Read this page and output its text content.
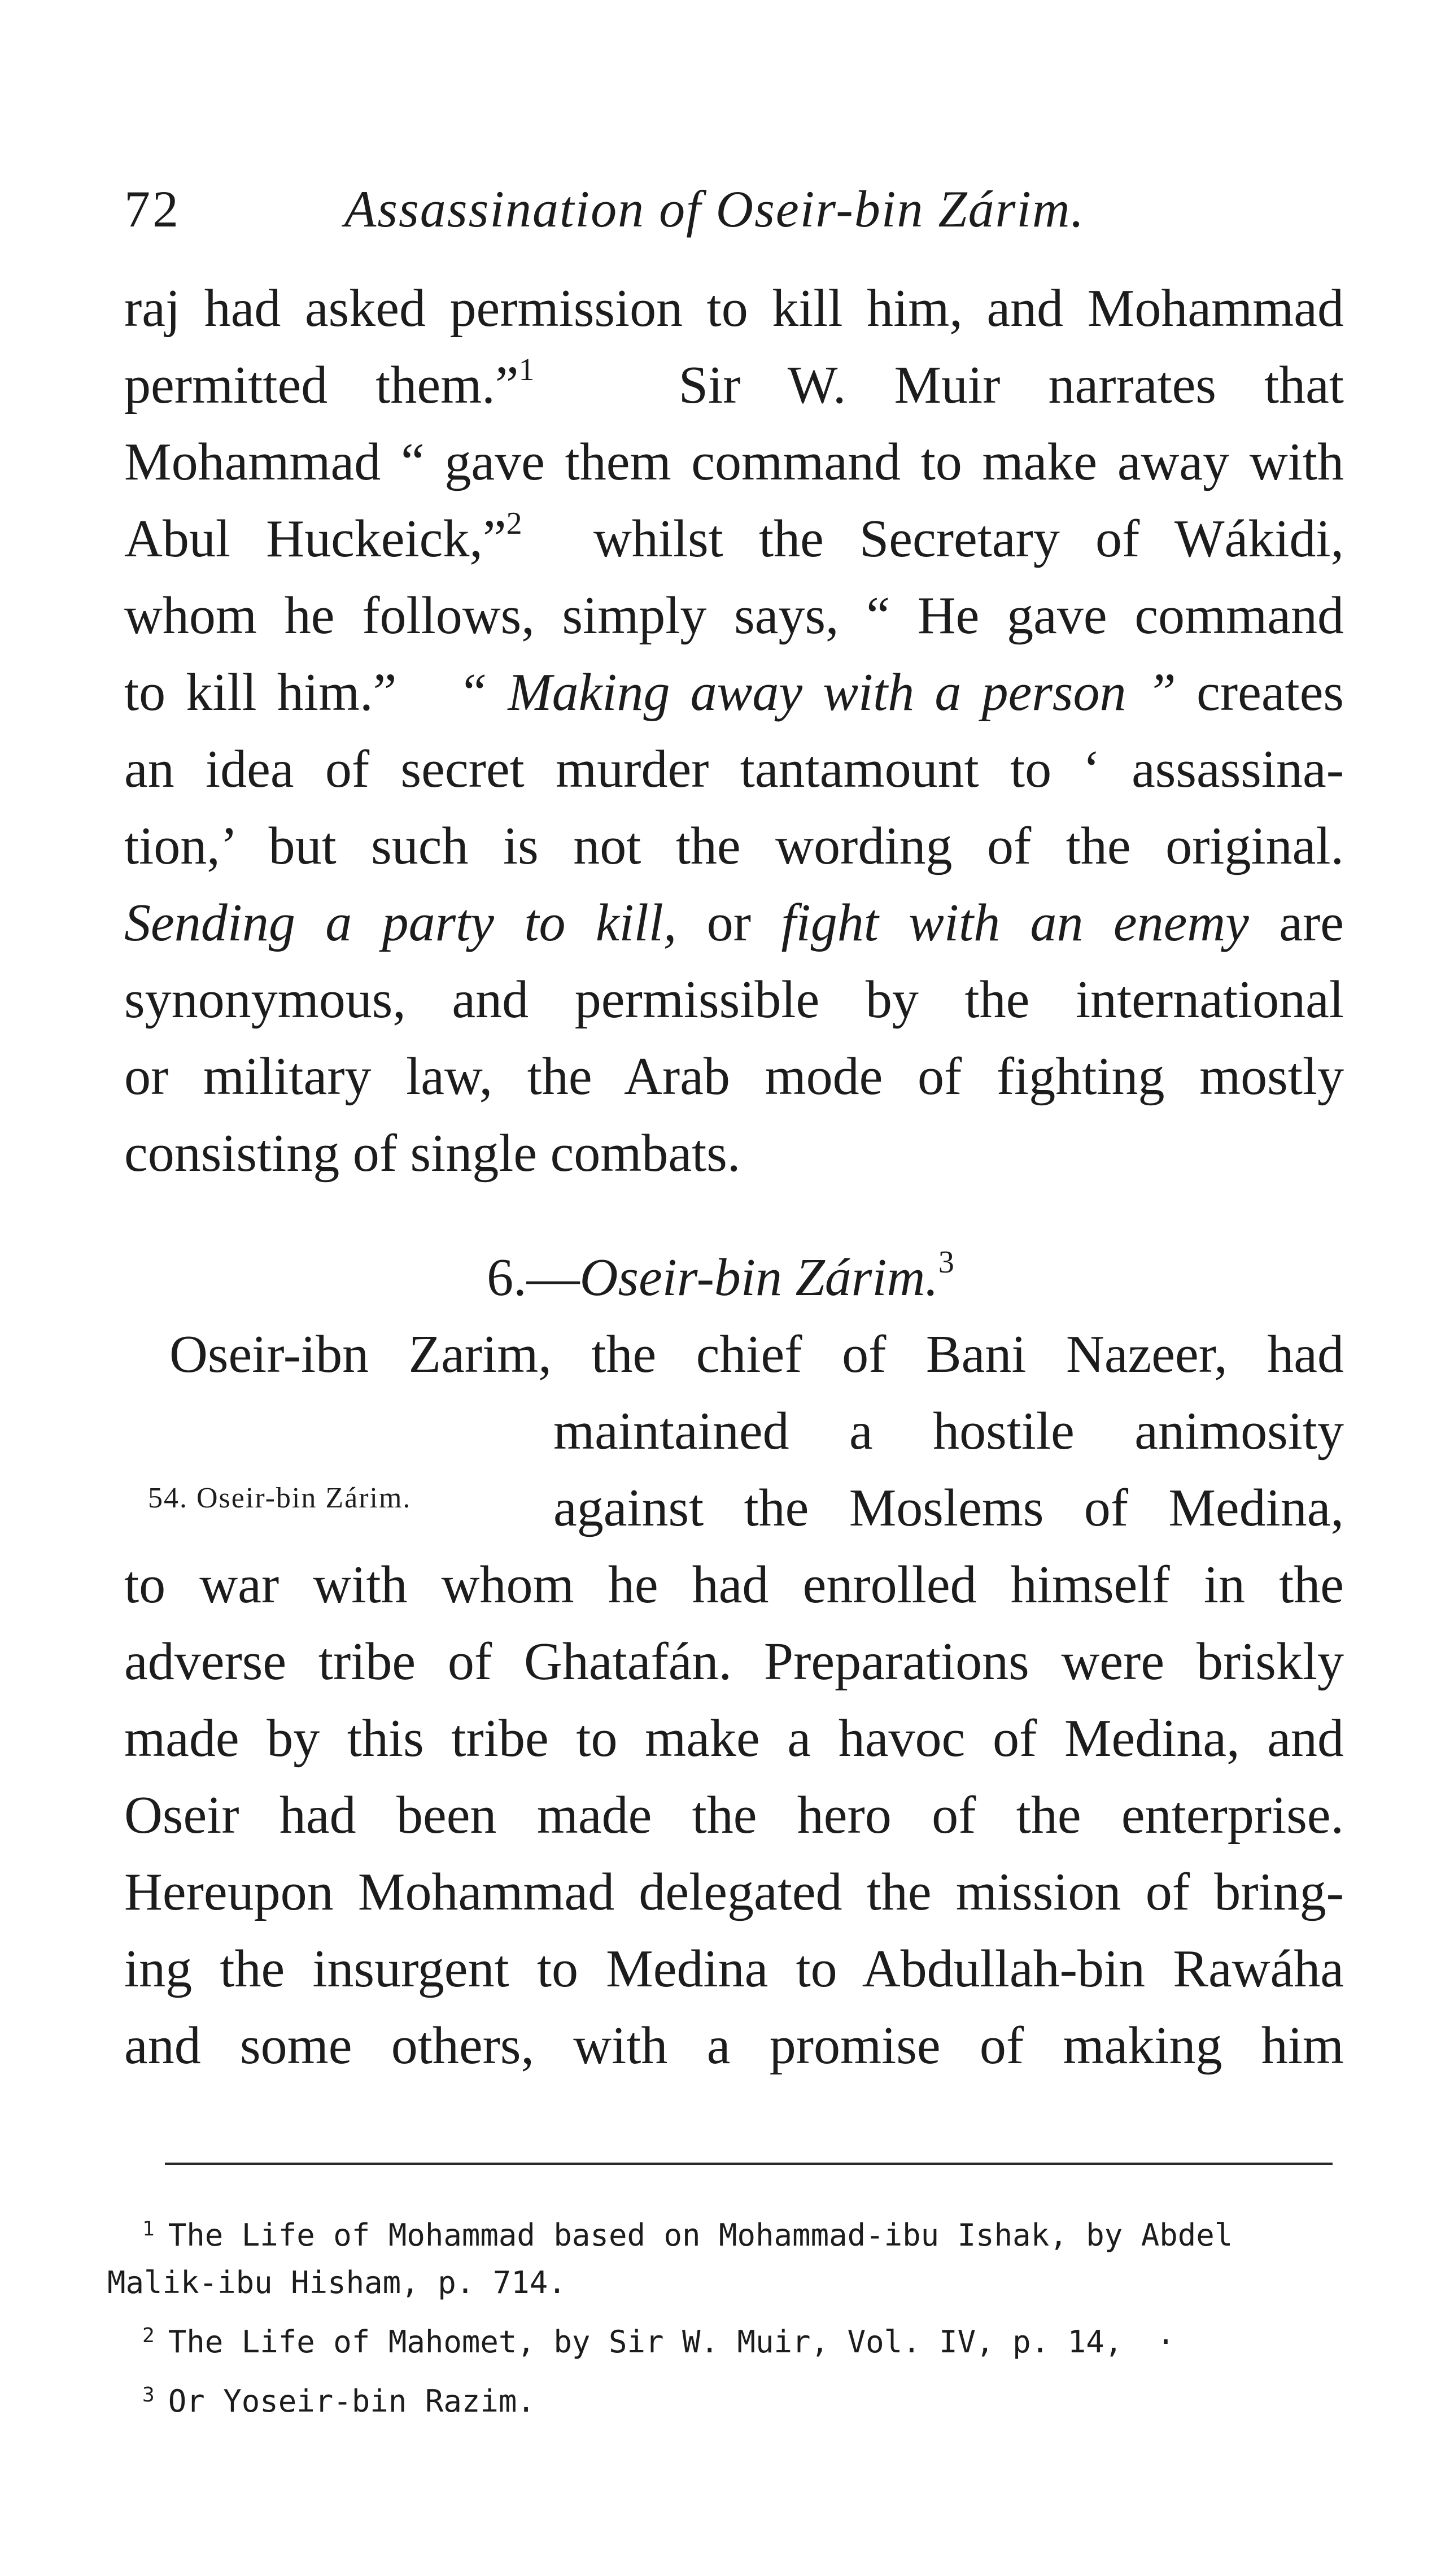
72	Assassination of Oseir-bin Zárim.
raj had asked permission to kill him, and Mohammad
permitted them.”$^1$	Sir W. Muir narrates that
Mohammad “ gave them command to make away with
Abul Huckeick,”$^2$ whilst the Secretary of Wákidi,
whom he follows, simply says, “ He gave command
to kill him.” “ Making away with a person ” creates
an idea of secret murder tantamount to ‘ assassina-
tion,’ but such is not the wording of the original.
Sending a party to kill, or fight with an enemy are
synonymous, and permissible by the international
or military law, the Arab mode of fighting mostly
consisting of single combats.
6.—Oseir-bin Zárim.$^3$
Oseir-ibn Zarim, the chief of Bani Nazeer, had
maintained a hostile animosity
against the Moslems of Medina,
to war with whom he had enrolled himself in the
adverse tribe of Ghatafán. Preparations were briskly
made by this tribe to make a havoc of Medina, and
Oseir had been made the hero of the enterprise.
Hereupon Mohammad delegated the mission of bring-
ing the insurgent to Medina to Abdullah-bin Rawáha
and some others, with a promise of making him
54. Oseir-bin Zárim.
$^1$ The Life of Mohammad based on Mohammad-ibu Ishak, by Abdel
Malik-ibu Hisham, p. 714.
$^2$ The Life of Mahomet, by Sir W. Muir, Vol. IV, p. 14, ·
$^3$ Or Yoseir-bin Razim.
